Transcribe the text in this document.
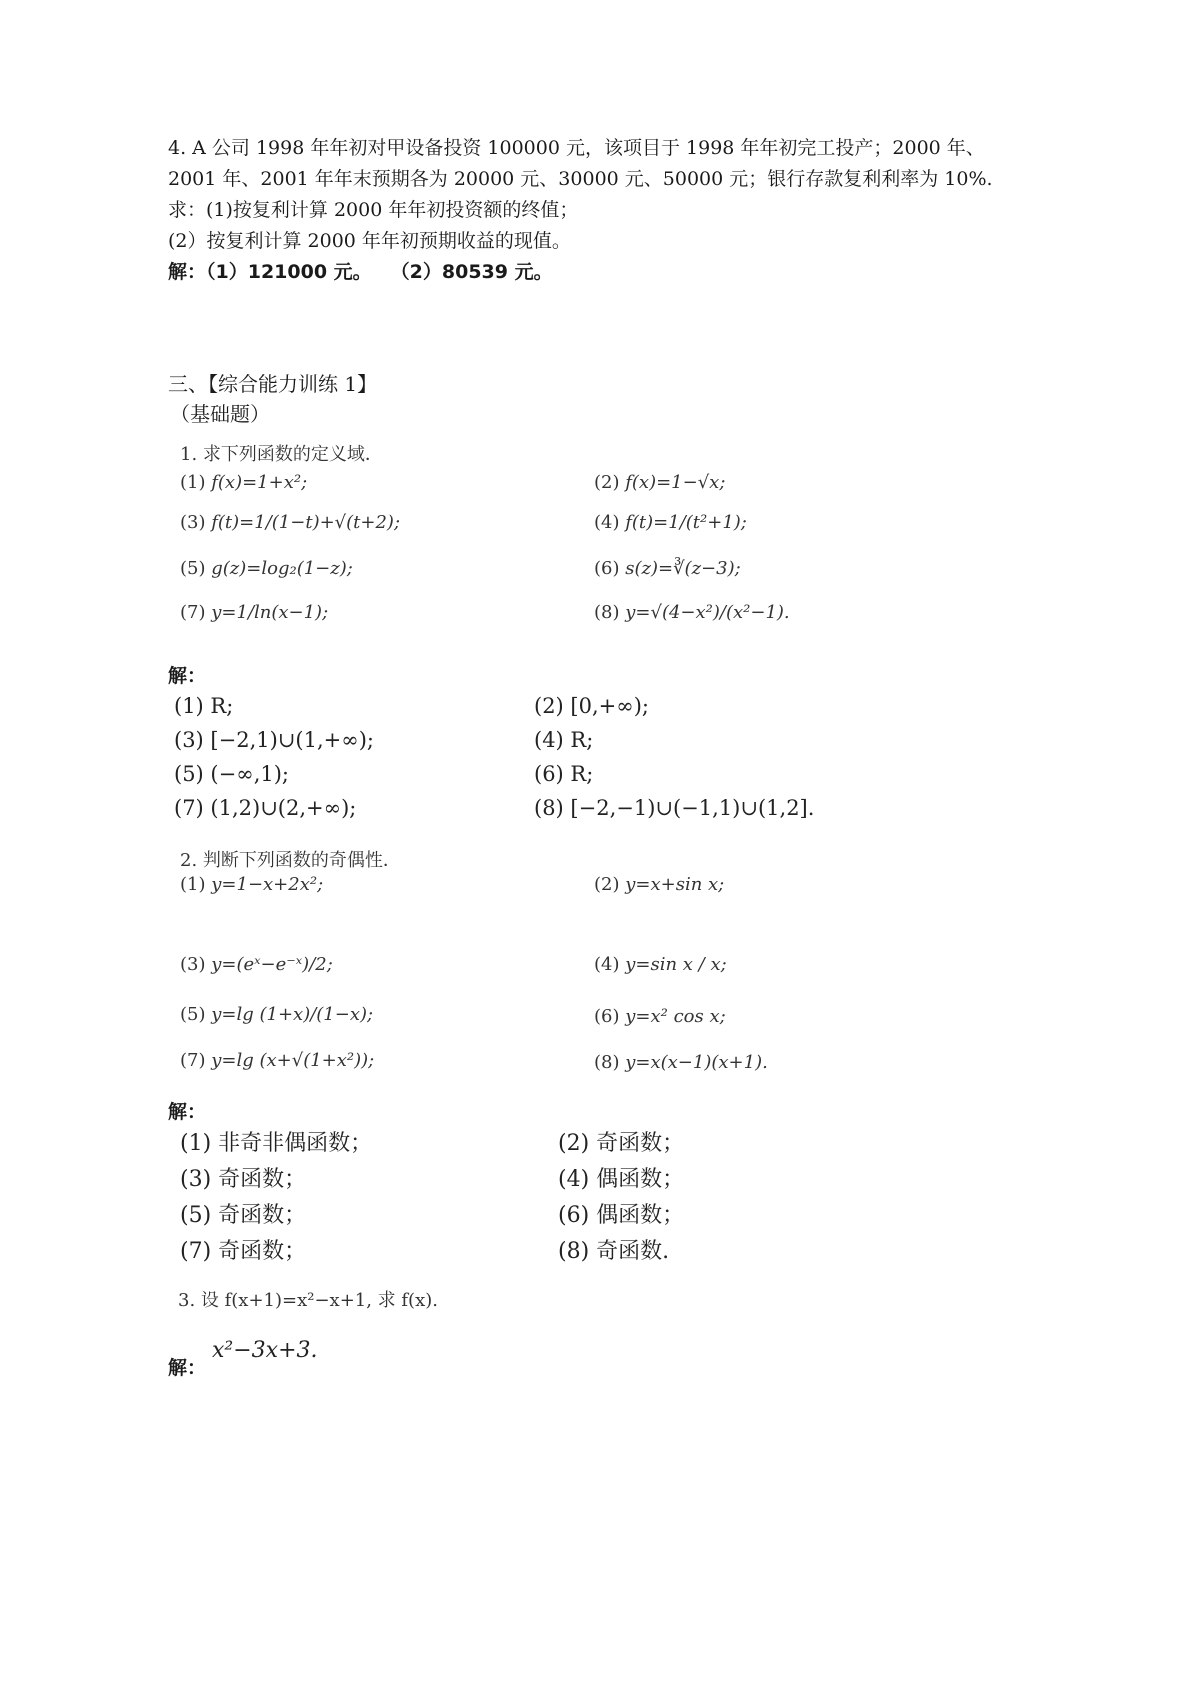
4. A 公司 1998 年年初对甲设备投资 100000 元，该项目于 1998 年年初完工投产；2000 年、
2001 年、2001 年年末预期各为 20000 元、30000 元、50000 元；银行存款复利利率为 10%.
求：(1)按复利计算 2000 年年初投资额的终值；
(2）按复利计算 2000 年年初预期收益的现值。
解：（1）121000 元。　　（2）80539 元。
三、【综合能力训练 1】
（基础题）
1. 求下列函数的定义域．
(1) f(x)=1+x²;	(2) f(x)=1−√x;
(3) f(t)=1/(1−t)+√(t+2);	(4) f(t)=1/(t²+1);
(5) g(z)=log₂(1−z);	(6) s(z)=∛(z−3);
(7) y=1/ln(x−1);	(8) y=√(4−x²)/(x²−1).
解：
(1) R;	(2) [0,+∞);
(3) [−2,1)∪(1,+∞);	(4) R;
(5) (−∞,1);	(6) R;
(7) (1,2)∪(2,+∞);	(8) [−2,−1)∪(−1,1)∪(1,2].
2. 判断下列函数的奇偶性．
(1) y=1−x+2x²;	(2) y=x+sin x;
(3) y=(eˣ−e⁻ˣ)/2;	(4) y=sin x / x;
(5) y=lg (1+x)/(1−x);	(6) y=x² cos x;
(7) y=lg (x+√(1+x²));	(8) y=x(x−1)(x+1).
解：
(1) 非奇非偶函数；	(2) 奇函数；
(3) 奇函数；	(4) 偶函数；
(5) 奇函数；	(6) 偶函数；
(7) 奇函数；	(8) 奇函数.
3. 设 f(x+1)=x²−x+1, 求 f(x).
解：
x²−3x+3.
